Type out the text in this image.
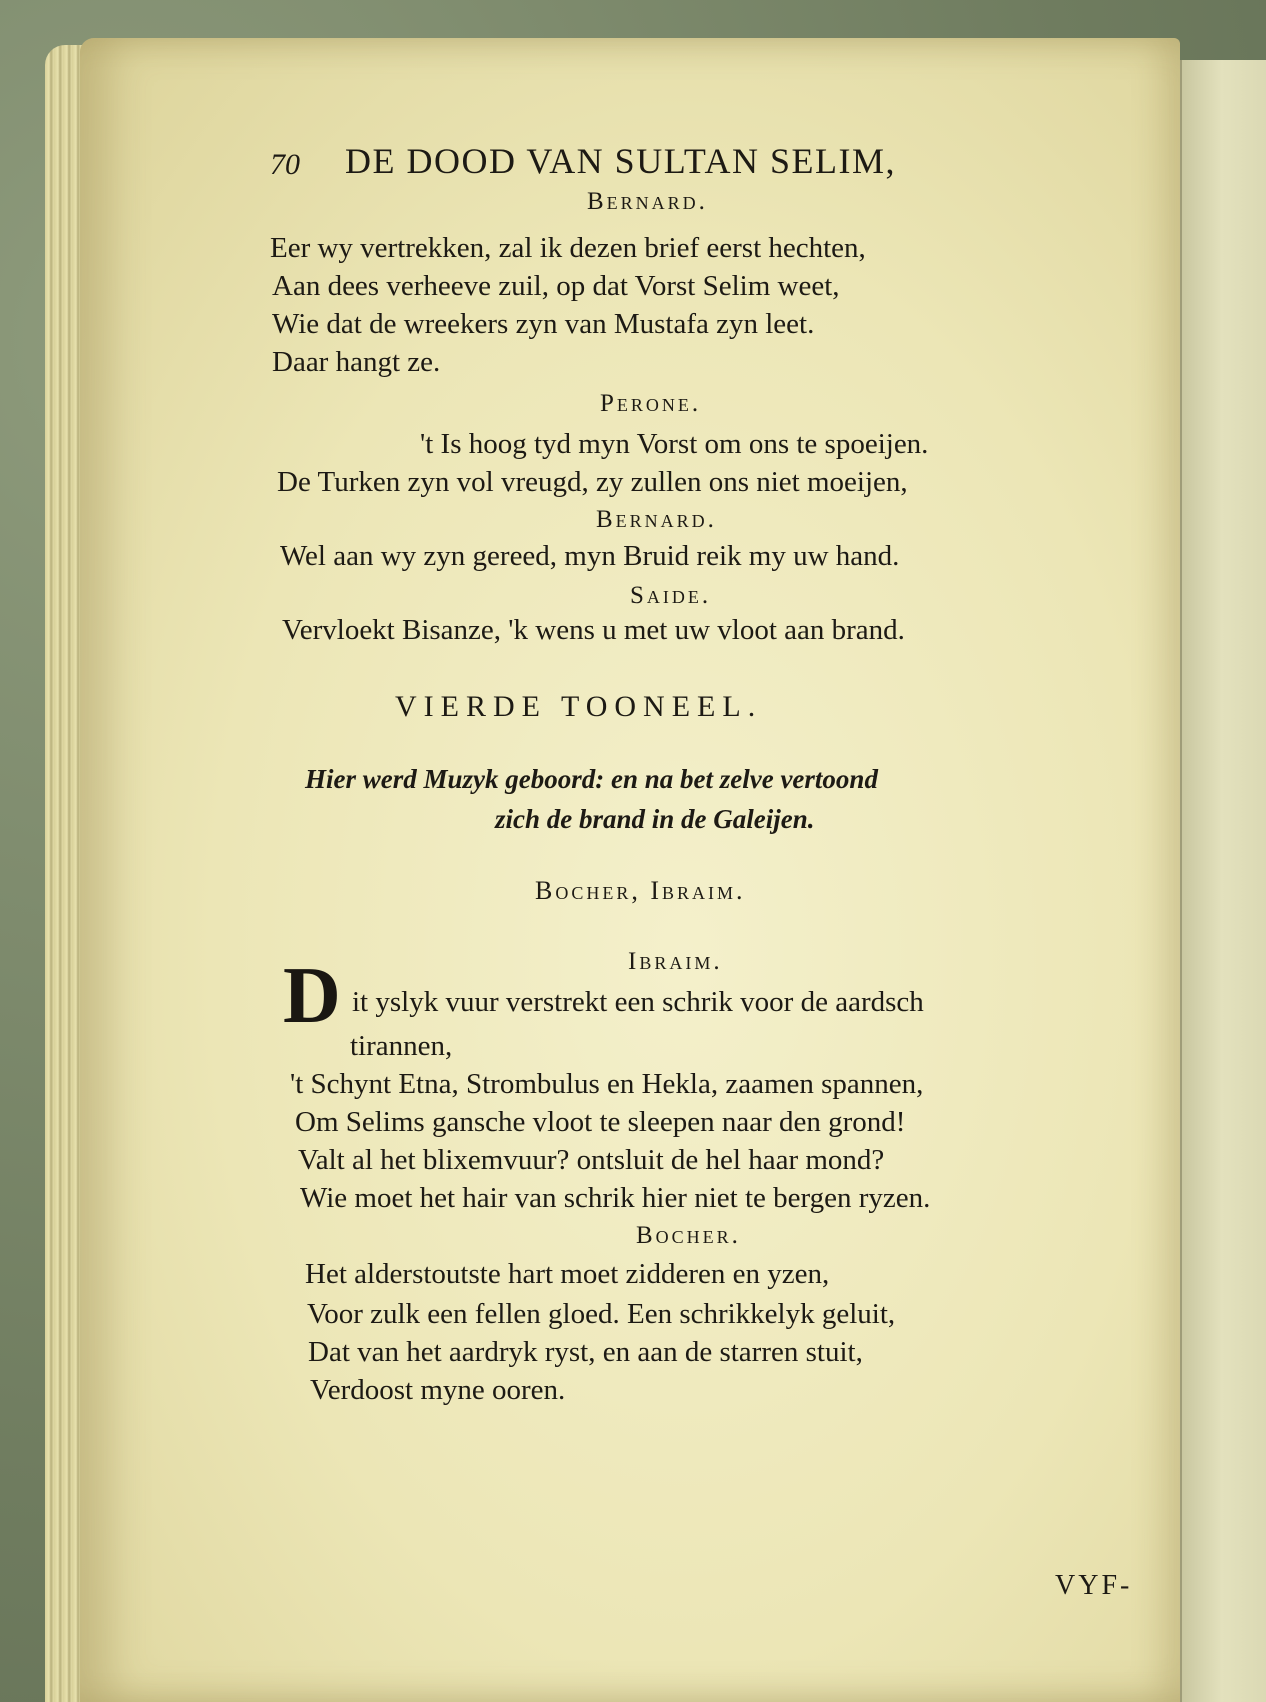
70 DE DOOD VAN SULTAN SELIM,
Bernard.
Eer wy vertrekken, zal ik dezen brief eerst hechten,
Aan dees verheeve zuil, op dat Vorst Selim weet,
Wie dat de wreekers zyn van Mustafa zyn leet.
Daar hangt ze.
Perone.
't Is hoog tyd myn Vorst om ons te spoeijen.
De Turken zyn vol vreugd, zy zullen ons niet moeijen,
Bernard.
Wel aan wy zyn gereed, myn Bruid reik my uw hand.
Saide.
Vervloekt Bisanze, 'k wens u met uw vloot aan brand.
VIERDE TOONEEL.
Hier werd Muzyk geboord: en na bet zelve vertoond
zich de brand in de Galeijen.
Bocher, Ibraim.
Ibraim.
D it yslyk vuur verstrekt een schrik voor de aardsch
tirannen,
't Schynt Etna, Strombulus en Hekla, zaamen spannen,
Om Selims gansche vloot te sleepen naar den grond!
Valt al het blixemvuur? ontsluit de hel haar mond?
Wie moet het hair van schrik hier niet te bergen ryzen.
Bocher.
Het alderstoutste hart moet zidderen en yzen,
Voor zulk een fellen gloed. Een schrikkelyk geluit,
Dat van het aardryk ryst, en aan de starren stuit,
Verdoost myne ooren.
VYF-
